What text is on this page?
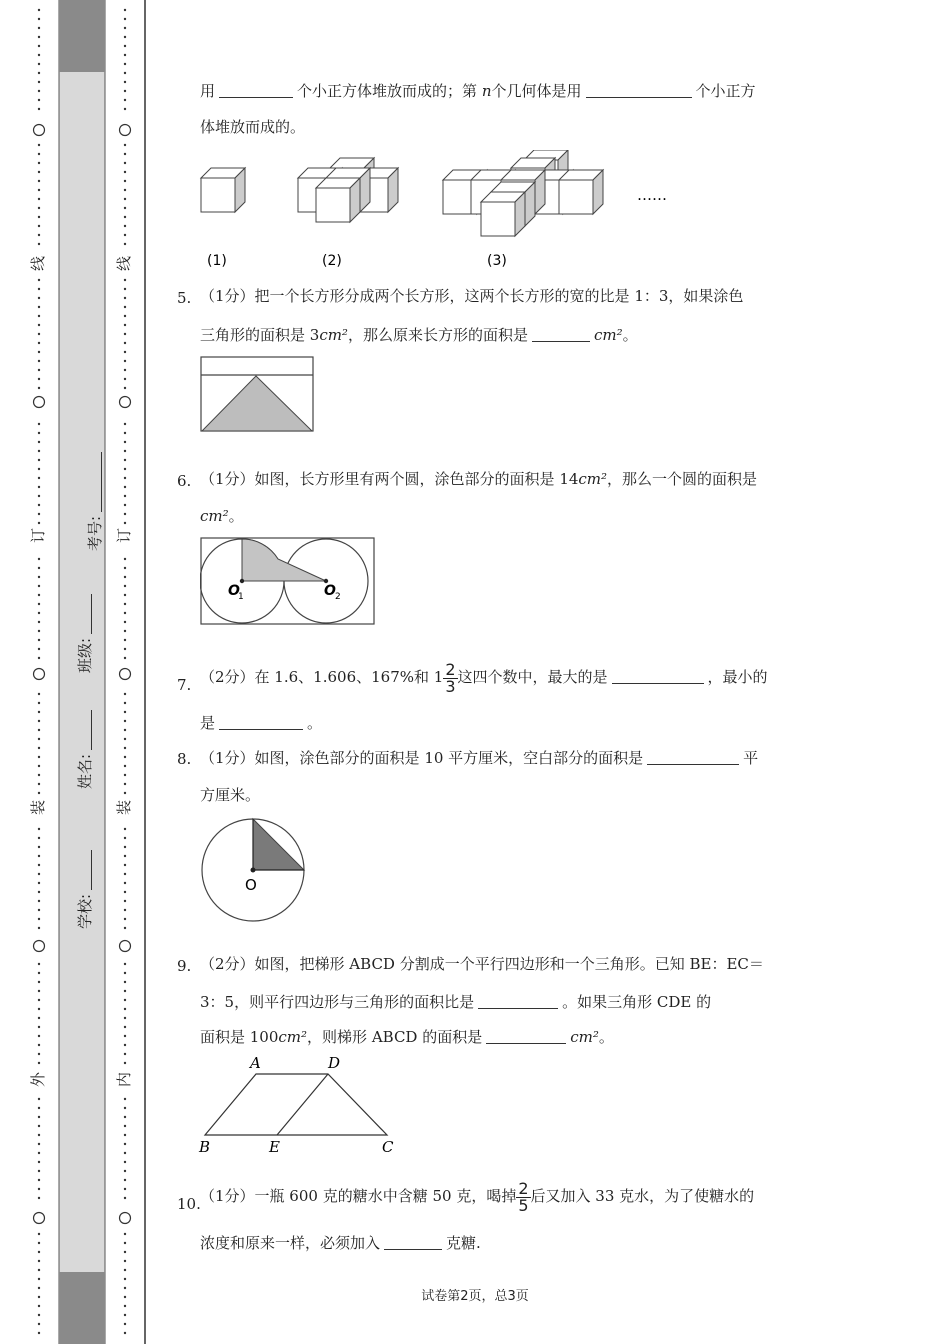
线
订
装
外
线
订
装
内
学校:
姓名:
班级:
考号:
用	个小正方体堆放而成的；第 n个几何体是用	个小正方
体堆放而成的。
(1)	(2)	(3)
……
5. （1分）把一个长方形分成两个长方形，这两个长方形的宽的比是 1：3，如果涂色
三角形的面积是 3cm²，那么原来长方形的面积是	cm²。
6. （1分）如图，长方形里有两个圆，涂色部分的面积是 14cm²，那么一个圆的面积是
cm²。
O
1	O 2
7. （2分）在 1.6、1.606、167%和 $1 \frac{2}{3}$ 这四个数中，最大的是	，最小的
是	。
8. （1分）如图，涂色部分的面积是 10 平方厘米，空白部分的面积是	平
方厘米。
O
9. （2分）如图，把梯形 ABCD 分割成一个平行四边形和一个三角形。已知 BE：EC＝
3：5，则平行四边形与三角形的面积比是	。如果三角形 CDE 的
面积是 100cm²，则梯形 ABCD 的面积是	cm²。
A	D
B	E	C
10. （1分）一瓶 600 克的糖水中含糖 50 克，喝掉 $\frac{2}{5}$ 后又加入 33 克水，为了使糖水的
浓度和原来一样，必须加入	克糖.
试卷第2页，总3页
